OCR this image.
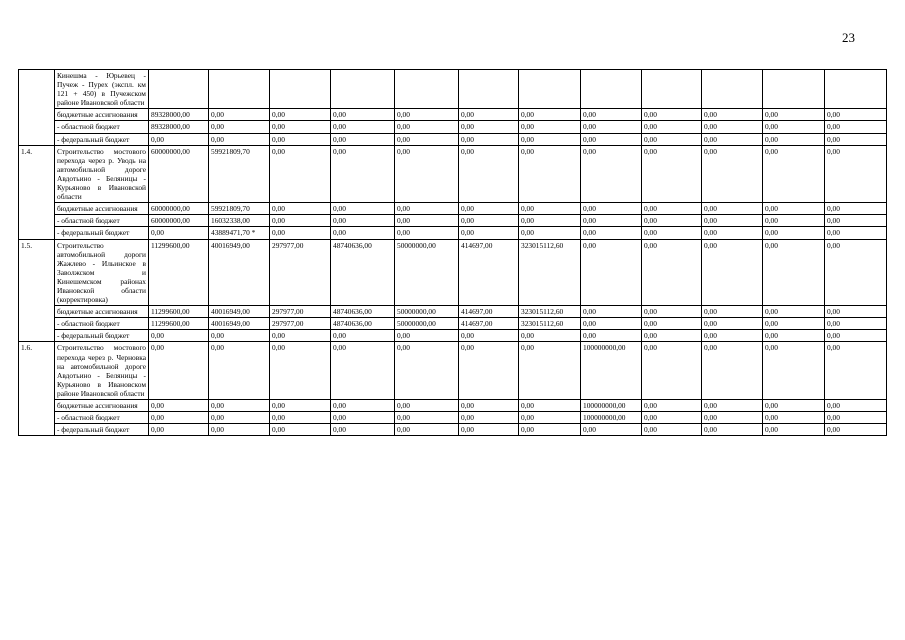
23
	Кинешма - Юрьевец - Пучеж - Пурех (экспл. км 121 + 450) в Пучежском районе Ивановской области												
	бюджетные ассигнования	89328000,00	0,00	0,00	0,00	0,00	0,00	0,00	0,00	0,00	0,00	0,00	0,00
	- областной бюджет	89328000,00	0,00	0,00	0,00	0,00	0,00	0,00	0,00	0,00	0,00	0,00	0,00
	- федеральный бюджет	0,00	0,00	0,00	0,00	0,00	0,00	0,00	0,00	0,00	0,00	0,00	0,00
1.4.	Строительство мостового перехода через р. Уводь на автомобильной дороге Авдотьино - Беляницы - Курьяново в Ивановской области	60000000,00	59921809,70	0,00	0,00	0,00	0,00	0,00	0,00	0,00	0,00	0,00	0,00
	бюджетные ассигнования	60000000,00	59921809,70	0,00	0,00	0,00	0,00	0,00	0,00	0,00	0,00	0,00	0,00
	- областной бюджет	60000000,00	16032338,00	0,00	0,00	0,00	0,00	0,00	0,00	0,00	0,00	0,00	0,00
	- федеральный бюджет	0,00	43889471,70 *	0,00	0,00	0,00	0,00	0,00	0,00	0,00	0,00	0,00	0,00
1.5.	Строительство автомобильной дороги Жажлево - Ильинское в Заволжском и Кинешемском районах Ивановской области (корректировка)	11299600,00	40016949,00	297977,00	48740636,00	50000000,00	414697,00	323015112,60	0,00	0,00	0,00	0,00	0,00
	бюджетные ассигнования	11299600,00	40016949,00	297977,00	48740636,00	50000000,00	414697,00	323015112,60	0,00	0,00	0,00	0,00	0,00
	- областной бюджет	11299600,00	40016949,00	297977,00	48740636,00	50000000,00	414697,00	323015112,60	0,00	0,00	0,00	0,00	0,00
	- федеральный бюджет	0,00	0,00	0,00	0,00	0,00	0,00	0,00	0,00	0,00	0,00	0,00	0,00
1.6.	Строительство мостового перехода через р. Черновка на автомобильной дороге Авдотьино - Беляницы - Курьяново в Ивановском районе Ивановской области	0,00	0,00	0,00	0,00	0,00	0,00	0,00	100000000,00	0,00	0,00	0,00	0,00
	бюджетные ассигнования	0,00	0,00	0,00	0,00	0,00	0,00	0,00	100000000,00	0,00	0,00	0,00	0,00
	- областной бюджет	0,00	0,00	0,00	0,00	0,00	0,00	0,00	100000000,00	0,00	0,00	0,00	0,00
	- федеральный бюджет	0,00	0,00	0,00	0,00	0,00	0,00	0,00	0,00	0,00	0,00	0,00	0,00
